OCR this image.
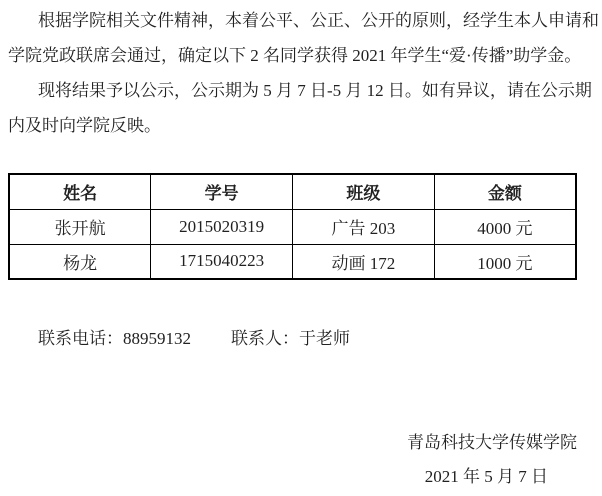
根据学院相关文件精神，本着公平、公正、公开的原则，经学生本人申请和
学院党政联席会通过，确定以下 2 名同学获得 2021 年学生“爱·传播”助学金。
现将结果予以公示，公示期为 5 月 7 日-5 月 12 日。如有异议，请在公示期
内及时向学院反映。
姓名	学号	班级	金额
张开航	2015020319	广告 203	4000 元
杨龙	1715040223	动画 172	1000 元
联系电话：88959132 联系人：于老师
青岛科技大学传媒学院
2021 年 5 月 7 日
